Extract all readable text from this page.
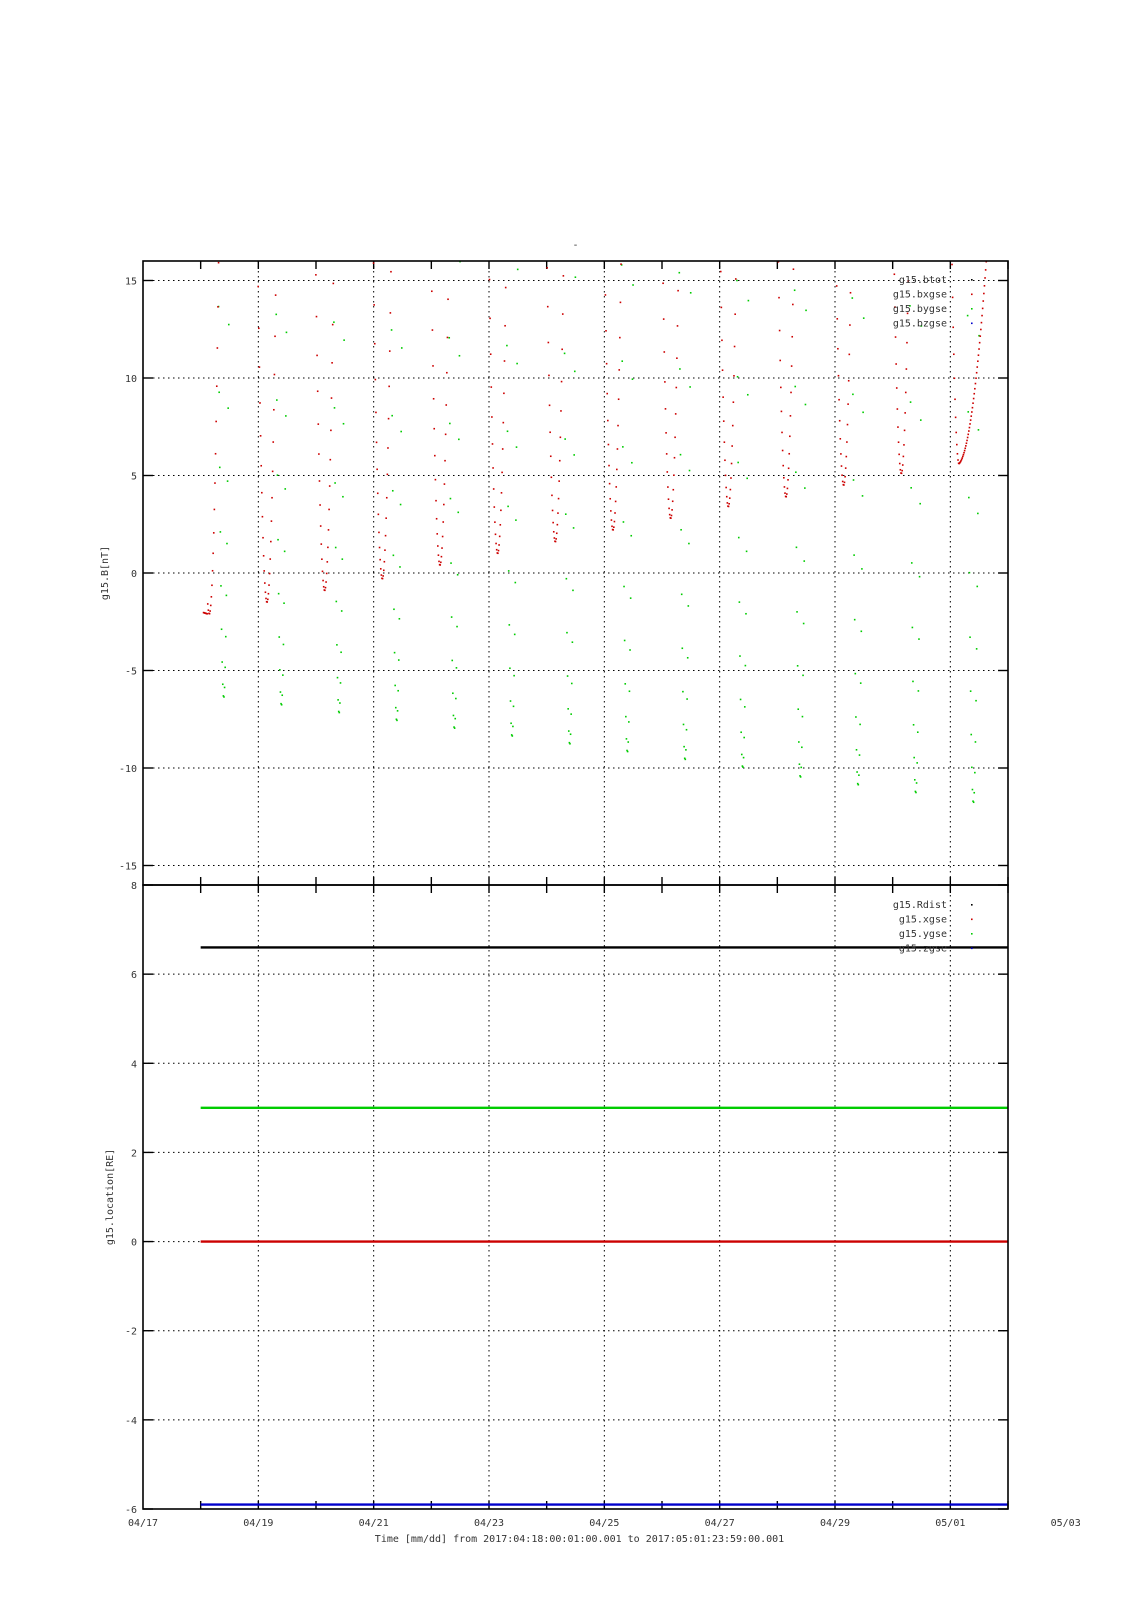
-
-15
-10
-5
0
5
10
15
g15.B[nT]
g15.btot
g15.bxgse
g15.bygse
g15.bzgse
-6
-4
-2
0
2
4
6
8
g15.location[RE]
g15.Rdist
g15.xgse
g15.ygse
g15.zgse
04/17	04/19	04/21	04/23	04/25	04/27	04/29	05/01	05/03
Time [mm/dd] from 2017:04:18:00:01:00.001 to 2017:05:01:23:59:00.001
